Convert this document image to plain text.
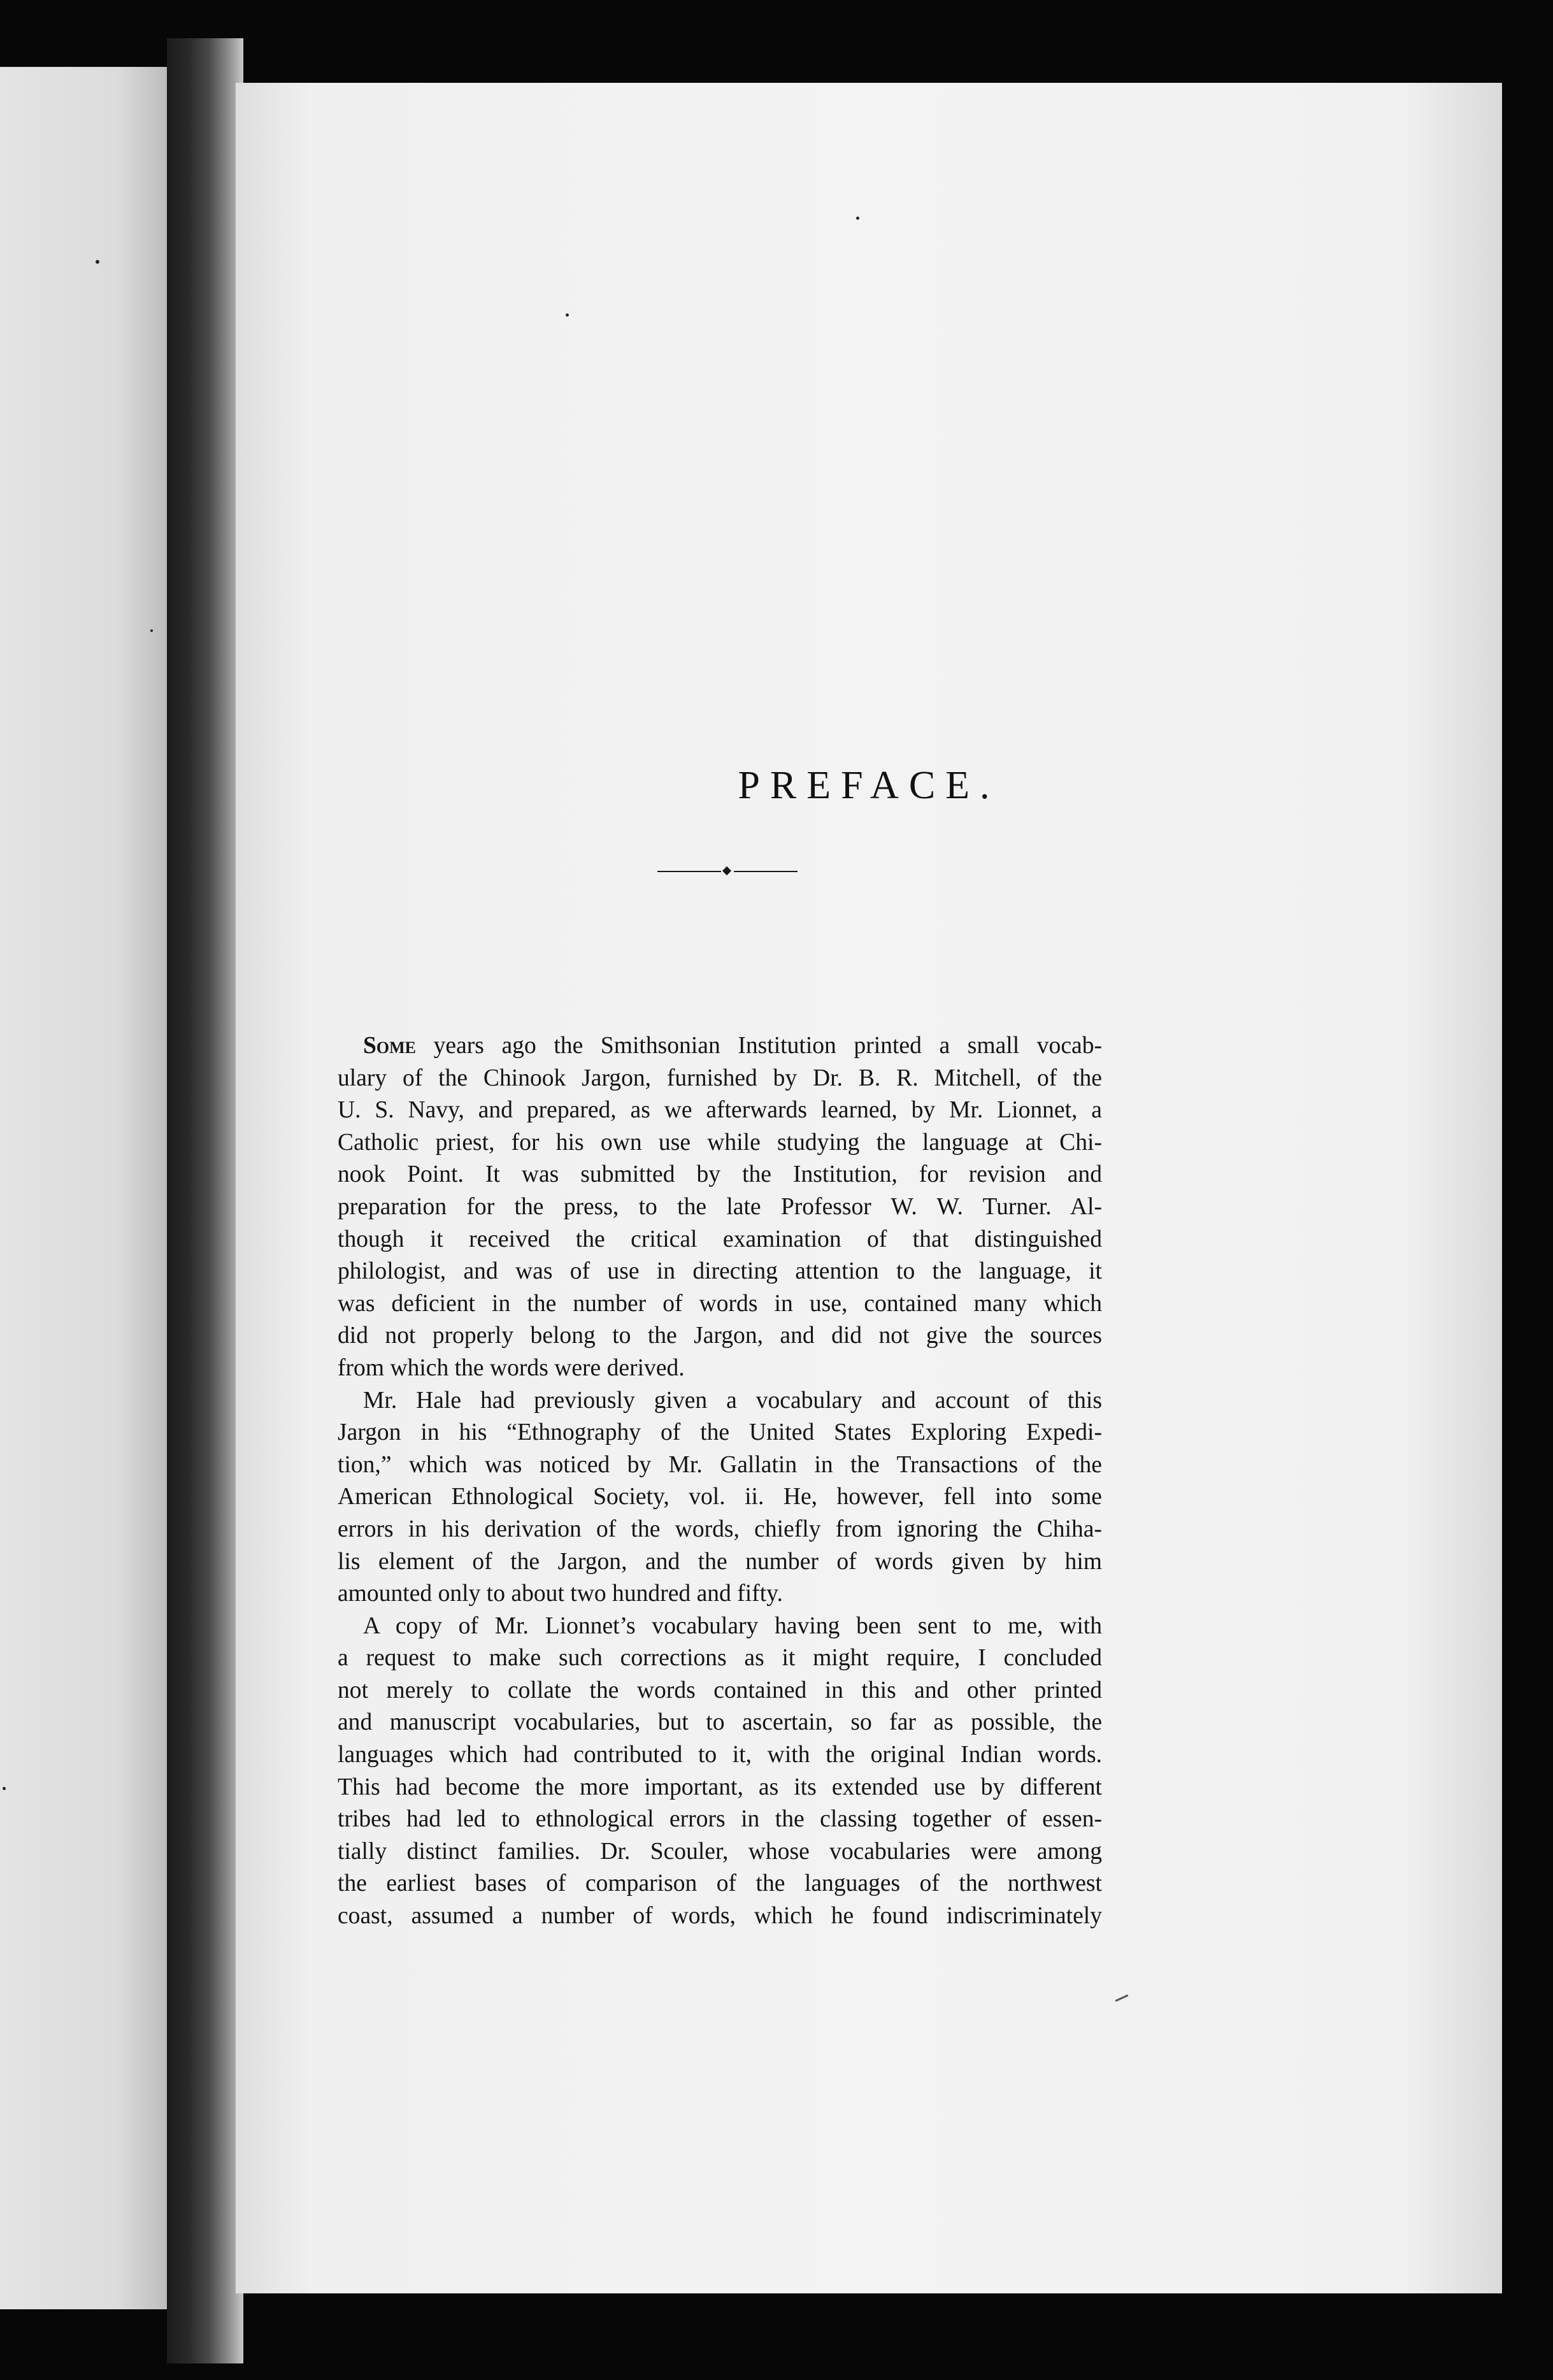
PREFACE.

Some years ago the Smithsonian Institution printed a small vocab-
ulary of the Chinook Jargon, furnished by Dr. B. R. Mitchell, of the
U. S. Navy, and prepared, as we afterwards learned, by Mr. Lionnet, a
Catholic priest, for his own use while studying the language at Chi-
nook Point. It was submitted by the Institution, for revision and
preparation for the press, to the late Professor W. W. Turner. Al-
though it received the critical examination of that distinguished
philologist, and was of use in directing attention to the language, it
was deficient in the number of words in use, contained many which
did not properly belong to the Jargon, and did not give the sources
from which the words were derived.

Mr. Hale had previously given a vocabulary and account of this
Jargon in his “Ethnography of the United States Exploring Expedi-
tion,” which was noticed by Mr. Gallatin in the Transactions of the
American Ethnological Society, vol. ii. He, however, fell into some
errors in his derivation of the words, chiefly from ignoring the Chiha-
lis element of the Jargon, and the number of words given by him
amounted only to about two hundred and fifty.

A copy of Mr. Lionnet’s vocabulary having been sent to me, with
a request to make such corrections as it might require, I concluded
not merely to collate the words contained in this and other printed
and manuscript vocabularies, but to ascertain, so far as possible, the
languages which had contributed to it, with the original Indian words.
This had become the more important, as its extended use by different
tribes had led to ethnological errors in the classing together of essen-
tially distinct families. Dr. Scouler, whose vocabularies were among
the earliest bases of comparison of the languages of the northwest
coast, assumed a number of words, which he found indiscriminately
